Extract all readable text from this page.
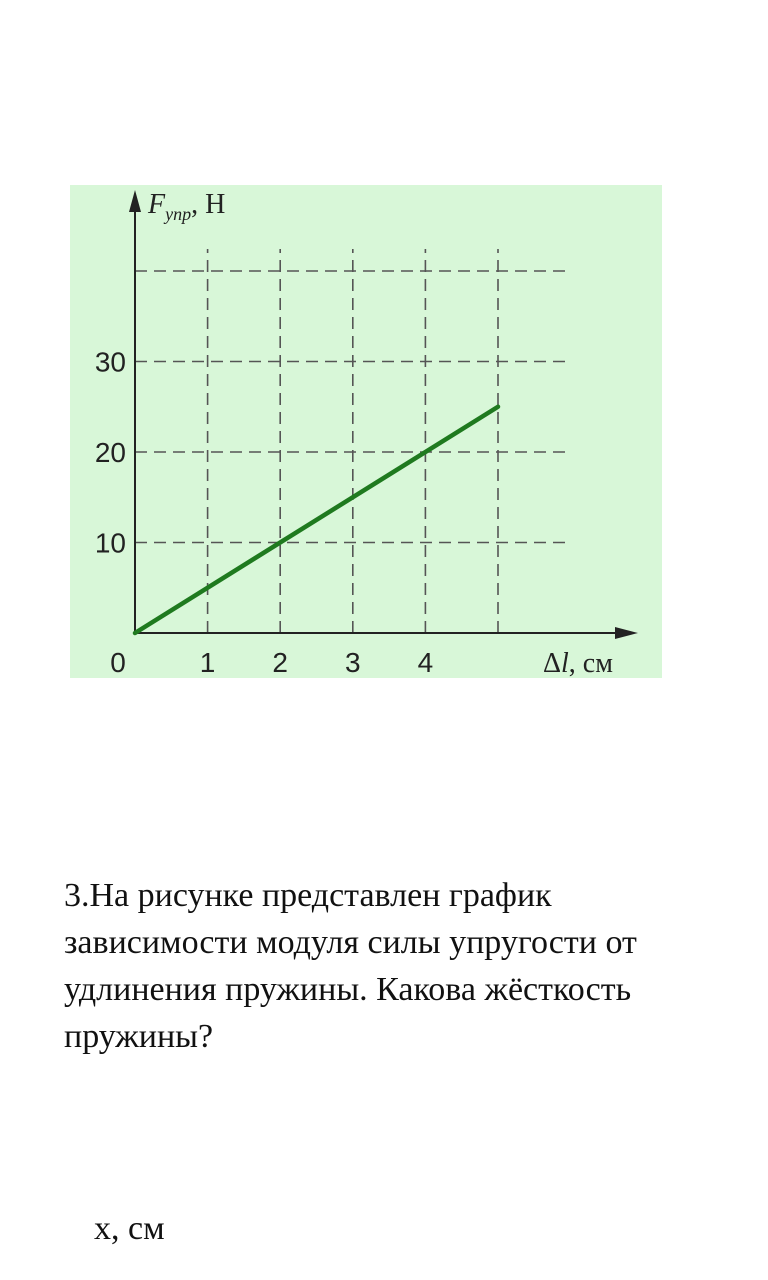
1 2 3 4
10
20
30
$F_{упр}$, Н
Δl, см
0
3.На рисунке представлен график зависимости модуля силы упругости от удлинения пружины. Какова жёсткость пружины?
x, см
